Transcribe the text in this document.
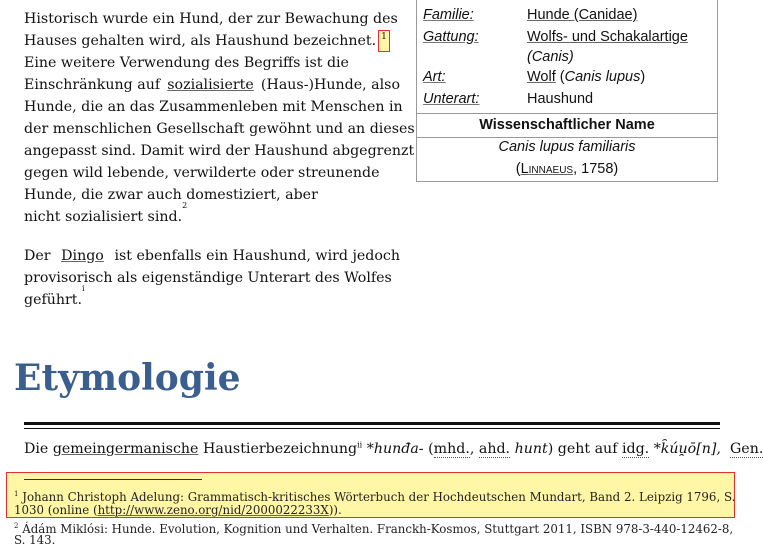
Historisch wurde ein Hund, der zur Bewachung des
Hauses gehalten wird, als Haushund bezeichnet. 1
Eine weitere Verwendung des Begriffs ist die
Einschränkung auf sozialisierte (Haus-)Hunde, also
Hunde, die an das Zusammenleben mit Menschen in
der menschlichen Gesellschaft gewöhnt und an dieses
angepasst sind. Damit wird der Haushund abgegrenzt
gegen wild lebende, verwilderte oder streunende
Hunde, die zwar auch domestiziert, aber
nicht sozialisiert sind.
2
Der Dingo ist ebenfalls ein Haushund, wird jedoch
provisorisch als eigenständige Unterart des Wolfes
geführt.
i
Familie:	Hunde (Canidae)
Gattung:	Wolfs- und Schakalartige
(Canis)
Art:	Wolf (Canis lupus)
Unterart:	Haushund
Wissenschaftlicher Name
Canis lupus familiaris
(Linnaeus, 1758)
Etymologie
Die gemeingermanische Haustierbezeichnung$^{ii}$ *hunđa- (mhd., ahd. hunt) geht auf idg. *k̑úu̯ō[n], Gen.
$^1$ Johann Christoph Adelung: Grammatisch-kritisches Wörterbuch der Hochdeutschen Mundart, Band 2. Leipzig 1796, S.
1030 (online (http://www.zeno.org/nid/2000022233X)).
$^2$ Ádám Miklósi: Hunde. Evolution, Kognition und Verhalten. Franckh-Kosmos, Stuttgart 2011, ISBN 978-3-440-12462-8,
S. 143.
